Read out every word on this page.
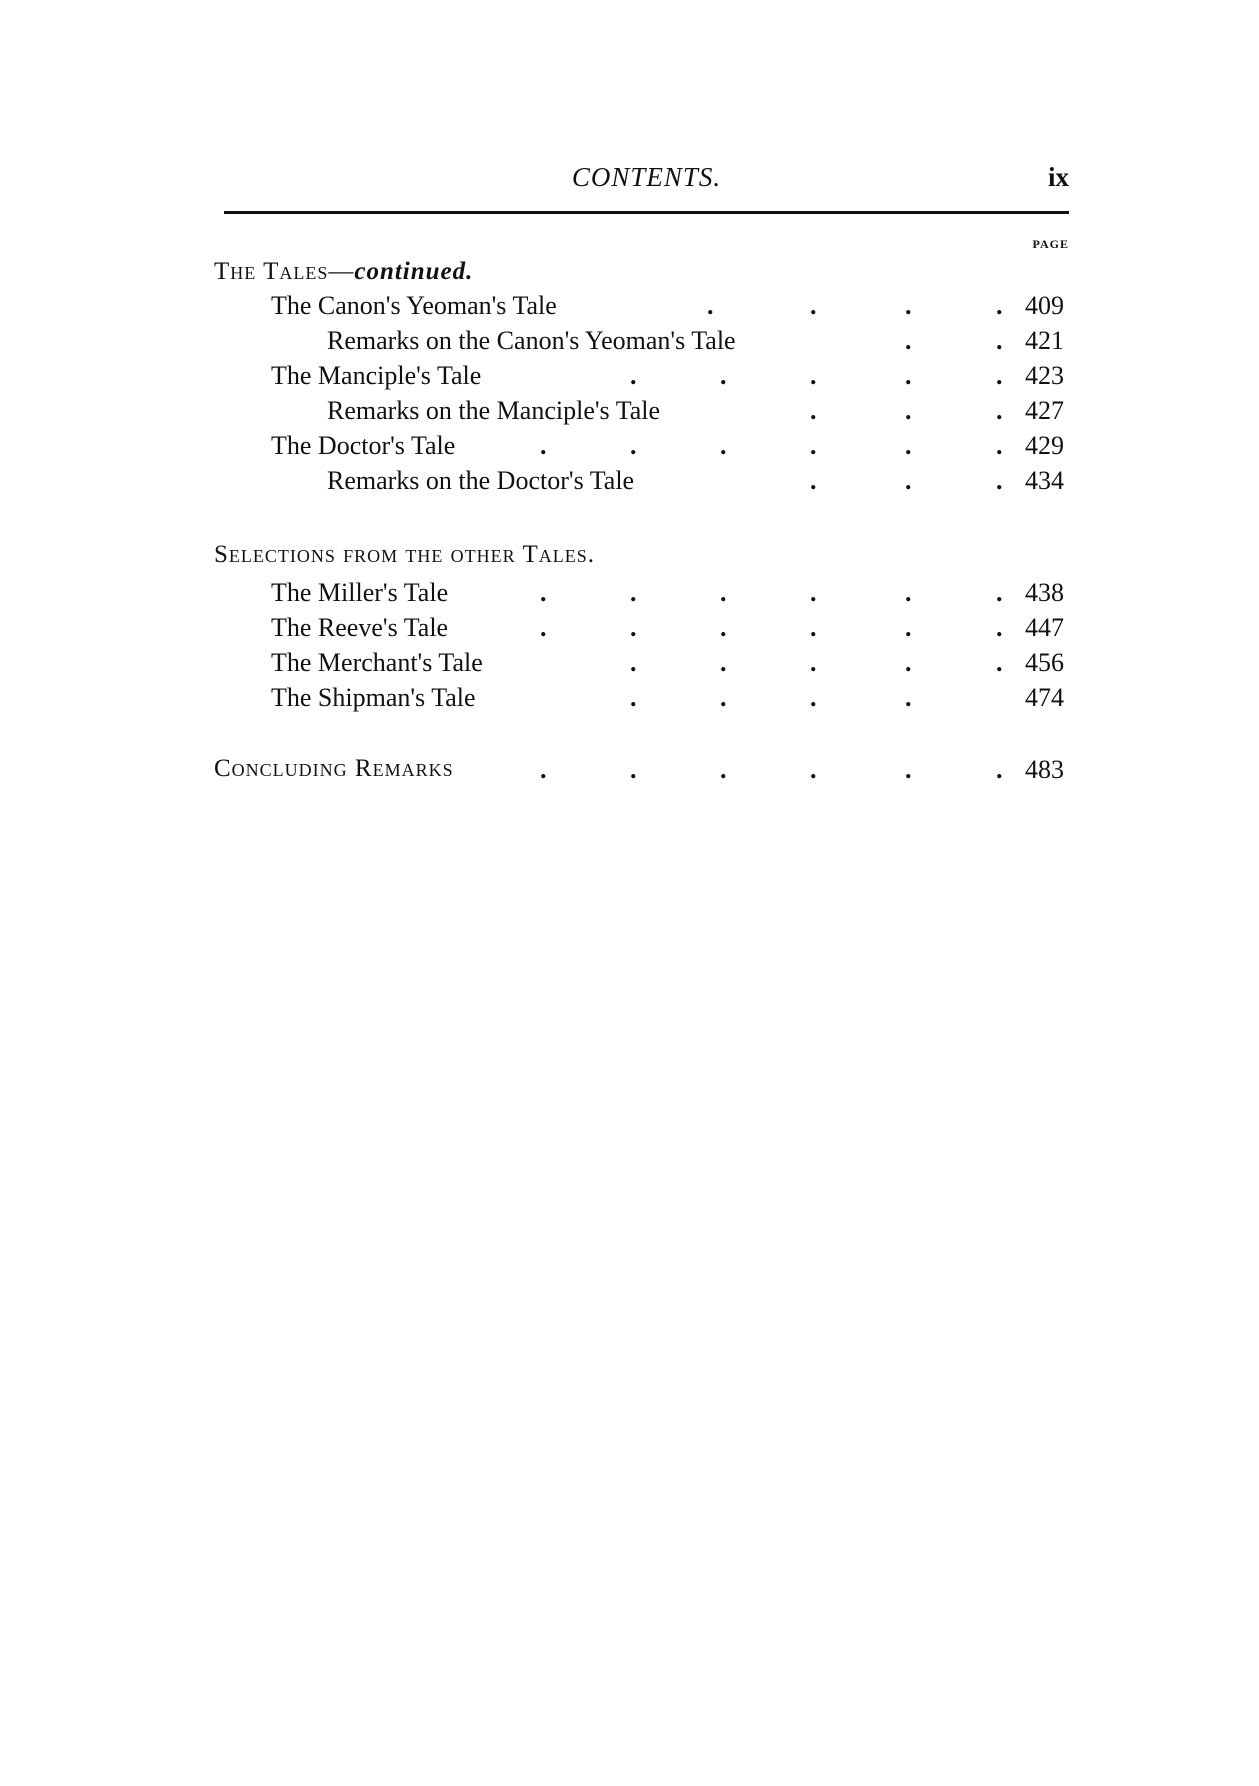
CONTENTS.	ix
PAGE
The Tales—continued.
The Canon's Yeoman's Tale	.	.	.	. 409
Remarks on the Canon's Yeoman's Tale	.	. 421
The Manciple's Tale	.	.	.	.	. 423
Remarks on the Manciple's Tale	.	.	. 427
The Doctor's Tale	.	.	.	.	.	. 429
Remarks on the Doctor's Tale	.	.	. 434
Selections from the other Tales.
The Miller's Tale	.	.	.	.	.	. 438
The Reeve's Tale	.	.	.	.	.	. 447
The Merchant's Tale	.	.	.	.	. 456
The Shipman's Tale	.	.	.	.	474
Concluding Remarks	.	.	.	.	.	. 483
